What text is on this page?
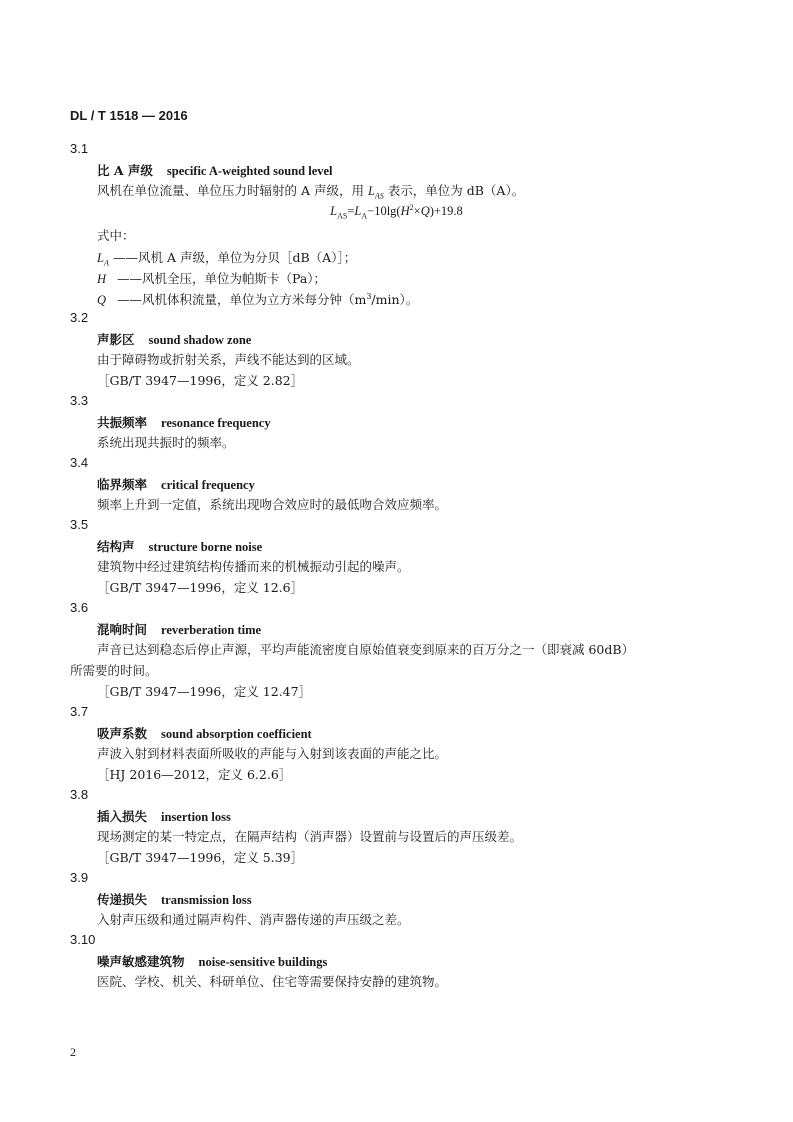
DL / T 1518 — 2016
3.1
比 A 声级 specific A-weighted sound level
风机在单位流量、单位压力时辐射的 A 声级，用 $L_{AS}$ 表示，单位为 dB（A）。
$L_{AS}=L_A-10\lg(H^2\times Q)+19.8$
式中：
$L_A$ ——风机 A 声级，单位为分贝［dB（A）］；
H ——风机全压，单位为帕斯卡（Pa）；
Q ——风机体积流量，单位为立方米每分钟$(m^3/\min)$。
3.2
声影区 sound shadow zone
由于障碍物或折射关系，声线不能达到的区域。
［GB/T 3947—1996，定义 2.82］
3.3
共振频率 resonance frequency
系统出现共振时的频率。
3.4
临界频率 critical frequency
频率上升到一定值，系统出现吻合效应时的最低吻合效应频率。
3.5
结构声 structure borne noise
建筑物中经过建筑结构传播而来的机械振动引起的噪声。
［GB/T 3947—1996，定义 12.6］
3.6
混响时间 reverberation time
声音已达到稳态后停止声源，平均声能流密度自原始值衰变到原来的百万分之一（即衰减 60dB）
所需要的时间。
［GB/T 3947—1996，定义 12.47］
3.7
吸声系数 sound absorption coefficient
声波入射到材料表面所吸收的声能与入射到该表面的声能之比。
［HJ 2016—2012，定义 6.2.6］
3.8
插入损失 insertion loss
现场测定的某一特定点，在隔声结构（消声器）设置前与设置后的声压级差。
［GB/T 3947—1996，定义 5.39］
3.9
传递损失 transmission loss
入射声压级和通过隔声构件、消声器传递的声压级之差。
3.10
噪声敏感建筑物 noise-sensitive buildings
医院、学校、机关、科研单位、住宅等需要保持安静的建筑物。
2
